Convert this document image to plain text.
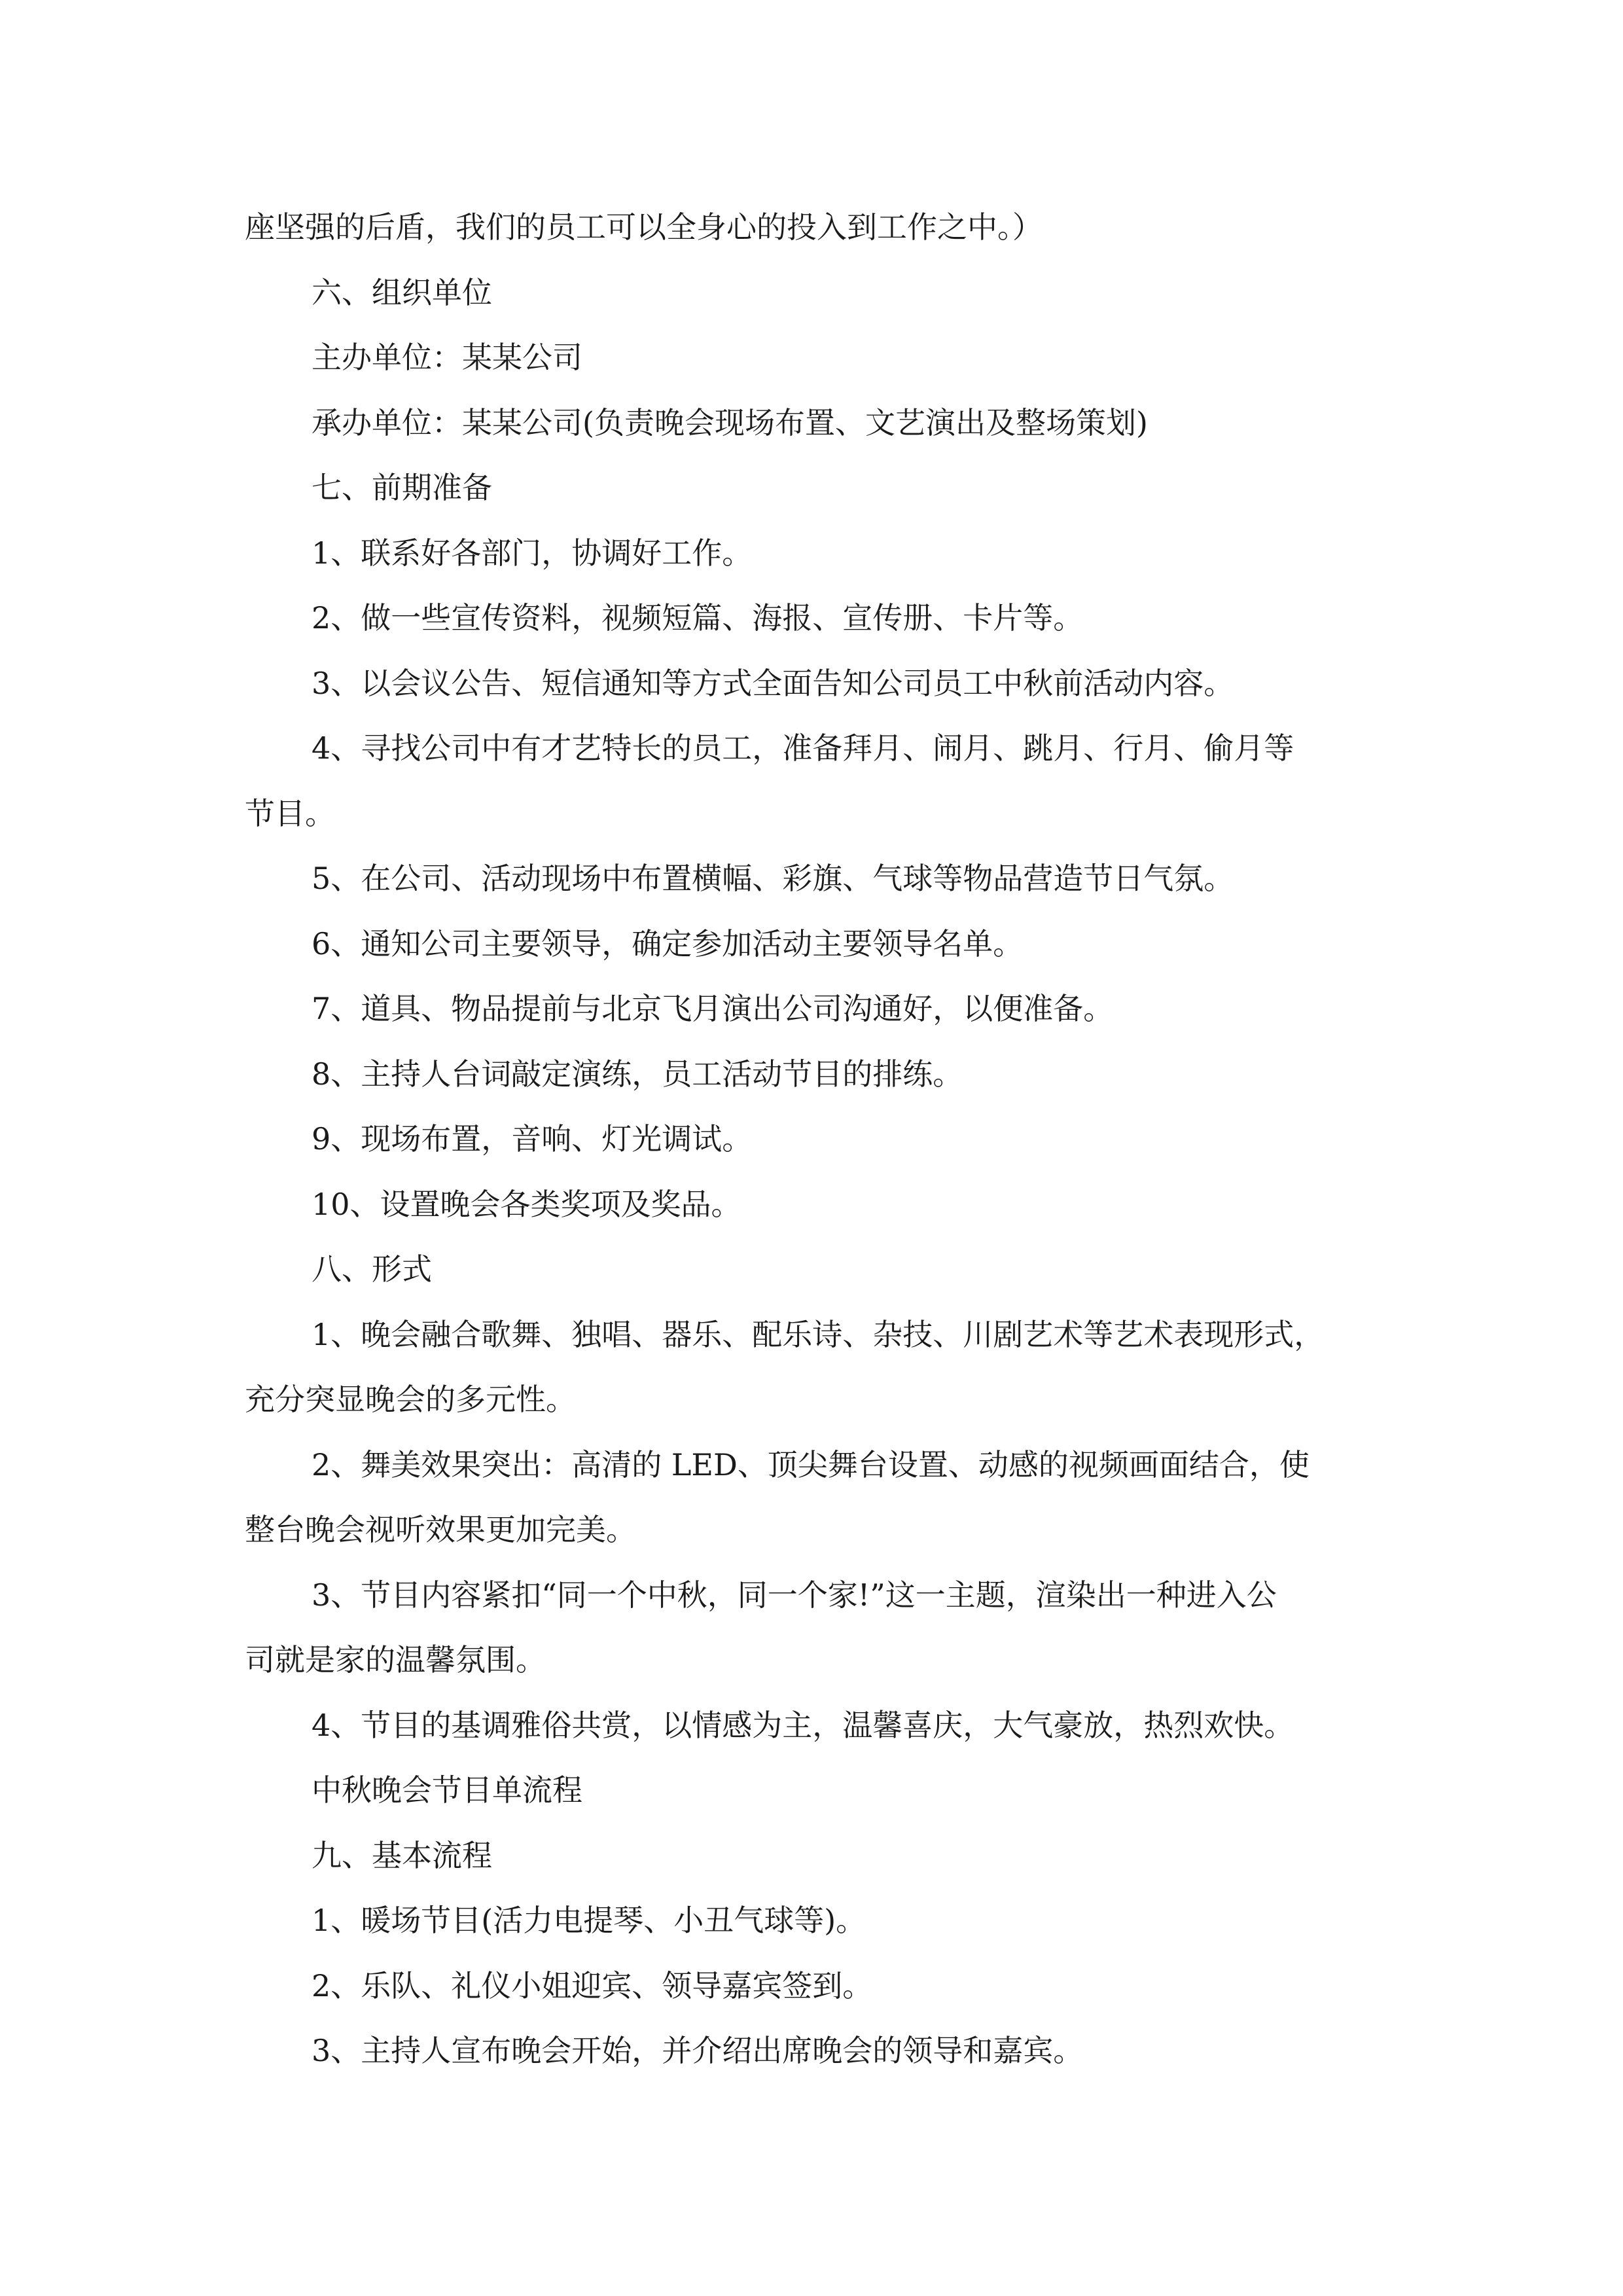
座坚强的后盾，我们的员工可以全身心的投入到工作之中。）
六、组织单位
主办单位：某某公司
承办单位：某某公司(负责晚会现场布置、文艺演出及整场策划)
七、前期准备
1、联系好各部门，协调好工作。
2、做一些宣传资料，视频短篇、海报、宣传册、卡片等。
3、以会议公告、短信通知等方式全面告知公司员工中秋前活动内容。
4、寻找公司中有才艺特长的员工，准备拜月、闹月、跳月、行月、偷月等
节目。
5、在公司、活动现场中布置横幅、彩旗、气球等物品营造节日气氛。
6、通知公司主要领导，确定参加活动主要领导名单。
7、道具、物品提前与北京飞月演出公司沟通好，以便准备。
8、主持人台词敲定演练，员工活动节目的排练。
9、现场布置，音响、灯光调试。
10、设置晚会各类奖项及奖品。
八、形式
1、晚会融合歌舞、独唱、器乐、配乐诗、杂技、川剧艺术等艺术表现形式，
充分突显晚会的多元性。
2、舞美效果突出：高清的 LED、顶尖舞台设置、动感的视频画面结合，使
整台晚会视听效果更加完美。
3、节目内容紧扣“同一个中秋，同一个家!”这一主题，渲染出一种进入公
司就是家的温馨氛围。
4、节目的基调雅俗共赏，以情感为主，温馨喜庆，大气豪放，热烈欢快。
中秋晚会节目单流程
九、基本流程
1、暖场节目(活力电提琴、小丑气球等)。
2、乐队、礼仪小姐迎宾、领导嘉宾签到。
3、主持人宣布晚会开始，并介绍出席晚会的领导和嘉宾。
